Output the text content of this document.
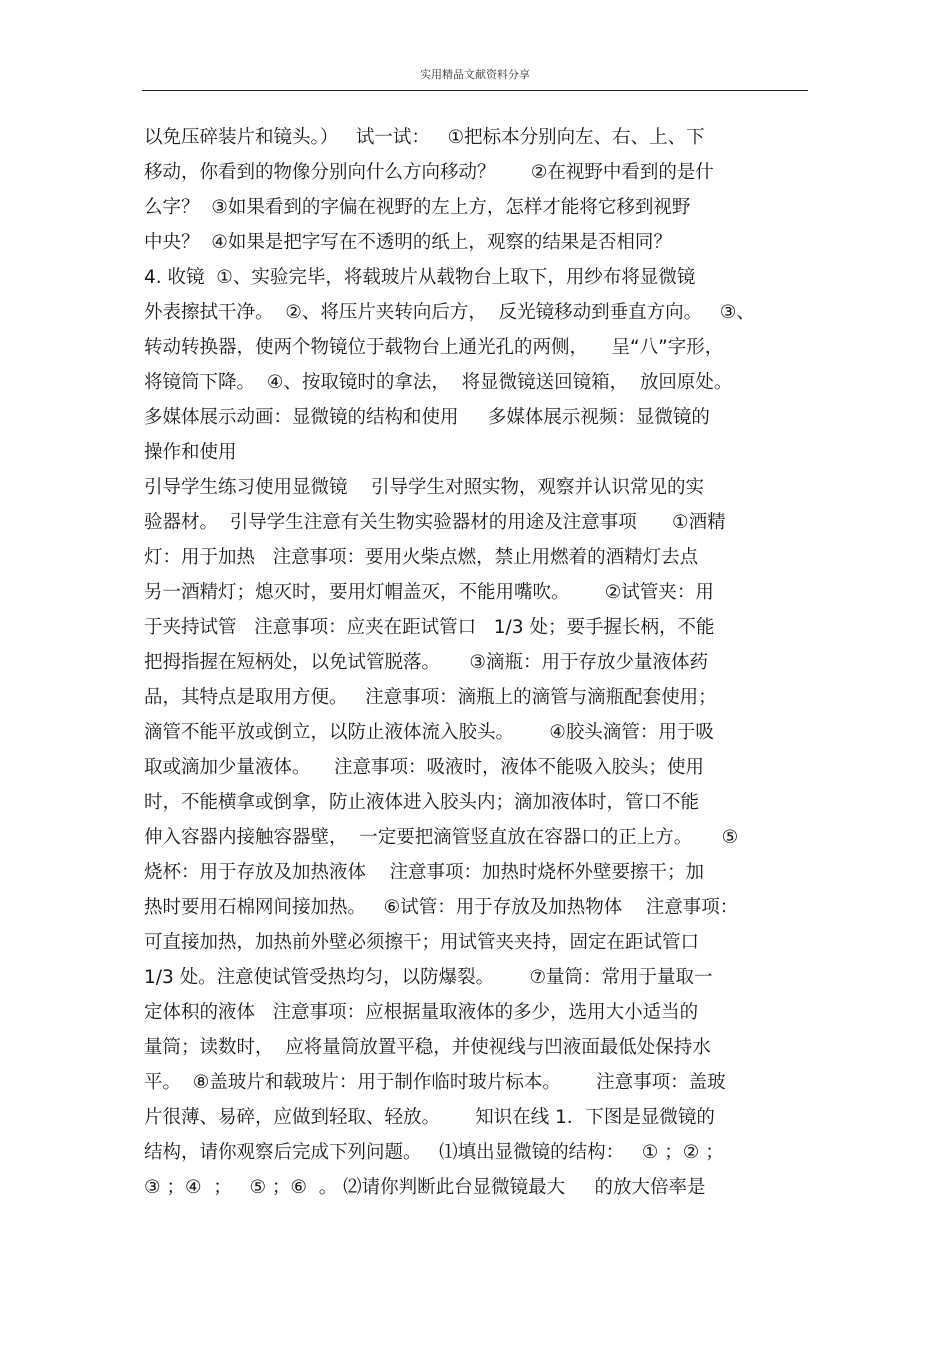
实用精品文献资料分享
以免压碎装片和镜头。）   试一试：   ①把标本分别向左、右、上、下
移动，你看到的物像分别向什么方向移动？      ②在视野中看到的是什
么字？  ③如果看到的字偏在视野的左上方，怎样才能将它移到视野
中央？  ④如果是把字写在不透明的纸上，观察的结果是否相同？
4. 收镜  ①、实验完毕，将载玻片从载物台上取下，用纱布将显微镜
外表擦拭干净。  ②、将压片夹转向后方，  反光镜移动到垂直方向。   ③、
转动转换器，使两个物镜位于载物台上通光孔的两侧，    呈“八”字形，
将镜筒下降。  ④、按取镜时的拿法，  将显微镜送回镜箱，  放回原处。
多媒体展示动画：显微镜的结构和使用     多媒体展示视频：显微镜的
操作和使用
引导学生练习使用显微镜    引导学生对照实物，观察并认识常见的实
验器材。  引导学生注意有关生物实验器材的用途及注意事项      ①酒精
灯：用于加热   注意事项：要用火柴点燃，禁止用燃着的酒精灯去点
另一酒精灯；熄灭时，要用灯帽盖灭，不能用嘴吹。      ②试管夹：用
于夹持试管   注意事项：应夹在距试管口   1/3 处；要手握长柄，不能
把拇指握在短柄处，以免试管脱落。     ③滴瓶：用于存放少量液体药
品，其特点是取用方便。   注意事项：滴瓶上的滴管与滴瓶配套使用；
滴管不能平放或倒立，以防止液体流入胶头。      ④胶头滴管：用于吸
取或滴加少量液体。    注意事项：吸液时，液体不能吸入胶头；使用
时，不能横拿或倒拿，防止液体进入胶头内；滴加液体时，管口不能
伸入容器内接触容器壁，  一定要把滴管竖直放在容器口的正上方。     ⑤
烧杯：用于存放及加热液体    注意事项：加热时烧杯外壁要擦干；加
热时要用石棉网间接加热。   ⑥试管：用于存放及加热物体    注意事项：
可直接加热，加热前外壁必须擦干；用试管夹夹持，固定在距试管口
1/3 处。注意使试管受热均匀，以防爆裂。      ⑦量筒：常用于量取一
定体积的液体   注意事项：应根据量取液体的多少，选用大小适当的
量筒；读数时，  应将量筒放置平稳，并使视线与凹液面最低处保持水
平。  ⑧盖玻片和载玻片：用于制作临时玻片标本。      注意事项：盖玻
片很薄、易碎，应做到轻取、轻放。      知识在线 1．下图是显微镜的
结构，请你观察后完成下列问题。   ⑴填出显微镜的结构：   ① ；② ；
③ ；④  ；   ⑤ ；⑥  。 ⑵请你判断此台显微镜最大     的放大倍率是
